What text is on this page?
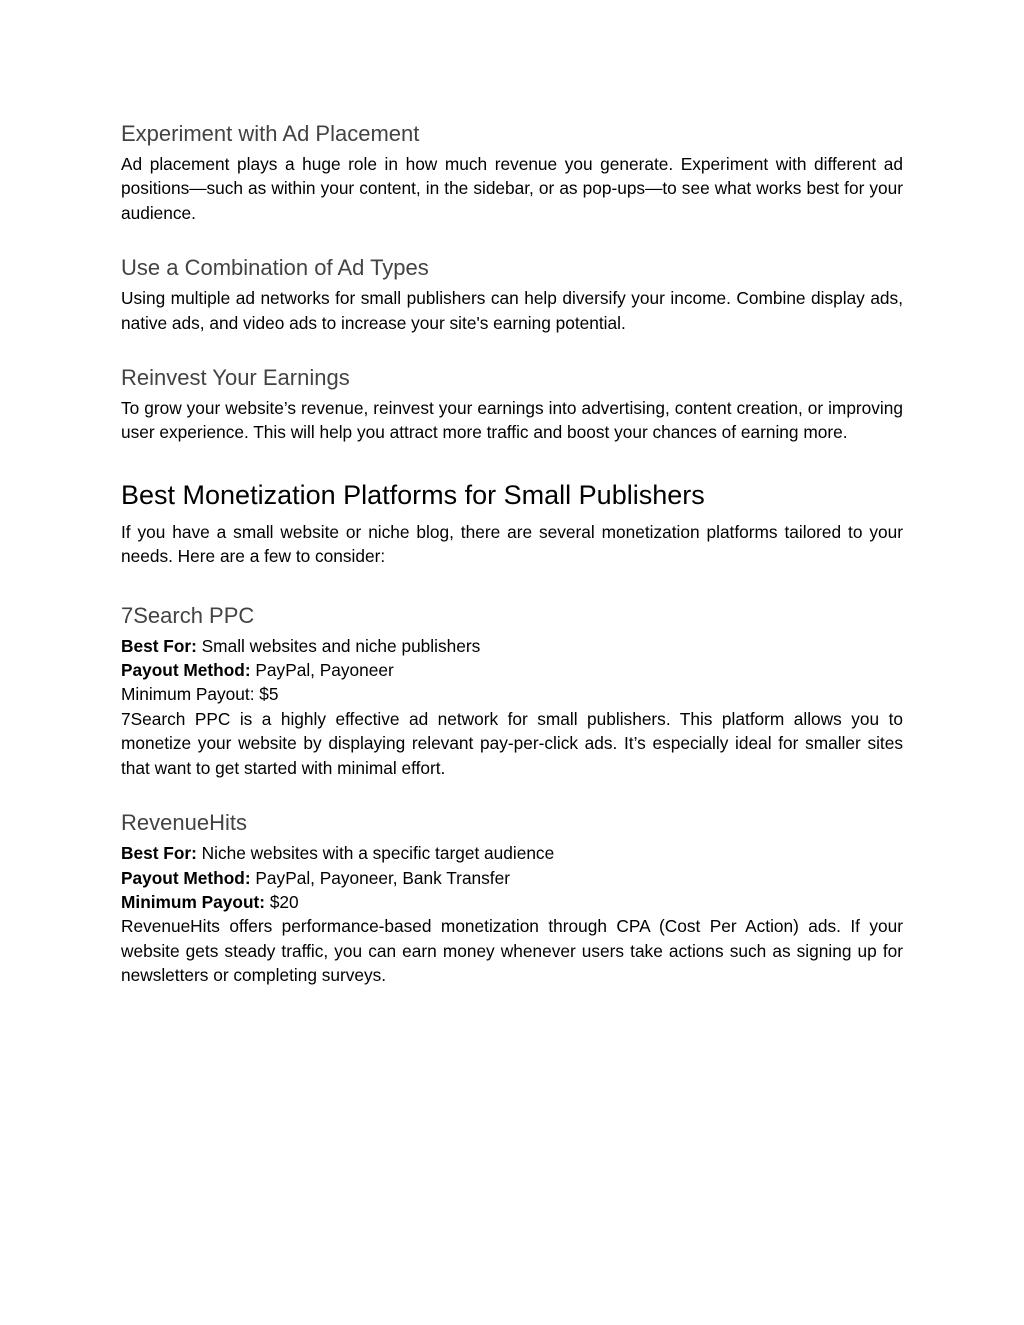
Experiment with Ad Placement

Ad placement plays a huge role in how much revenue you generate. Experiment with different ad positions—such as within your content, in the sidebar, or as pop-ups—to see what works best for your audience.

Use a Combination of Ad Types

Using multiple ad networks for small publishers can help diversify your income. Combine display ads, native ads, and video ads to increase your site's earning potential.

Reinvest Your Earnings

To grow your website’s revenue, reinvest your earnings into advertising, content creation, or improving user experience. This will help you attract more traffic and boost your chances of earning more.

Best Monetization Platforms for Small Publishers

If you have a small website or niche blog, there are several monetization platforms tailored to your needs. Here are a few to consider:

7Search PPC
Best For: Small websites and niche publishers
Payout Method: PayPal, Payoneer
Minimum Payout: $5

7Search PPC is a highly effective ad network for small publishers. This platform allows you to monetize your website by displaying relevant pay-per-click ads. It’s especially ideal for smaller sites that want to get started with minimal effort.

RevenueHits
Best For: Niche websites with a specific target audience
Payout Method: PayPal, Payoneer, Bank Transfer
Minimum Payout: $20

RevenueHits offers performance-based monetization through CPA (Cost Per Action) ads. If your website gets steady traffic, you can earn money whenever users take actions such as signing up for newsletters or completing surveys.
